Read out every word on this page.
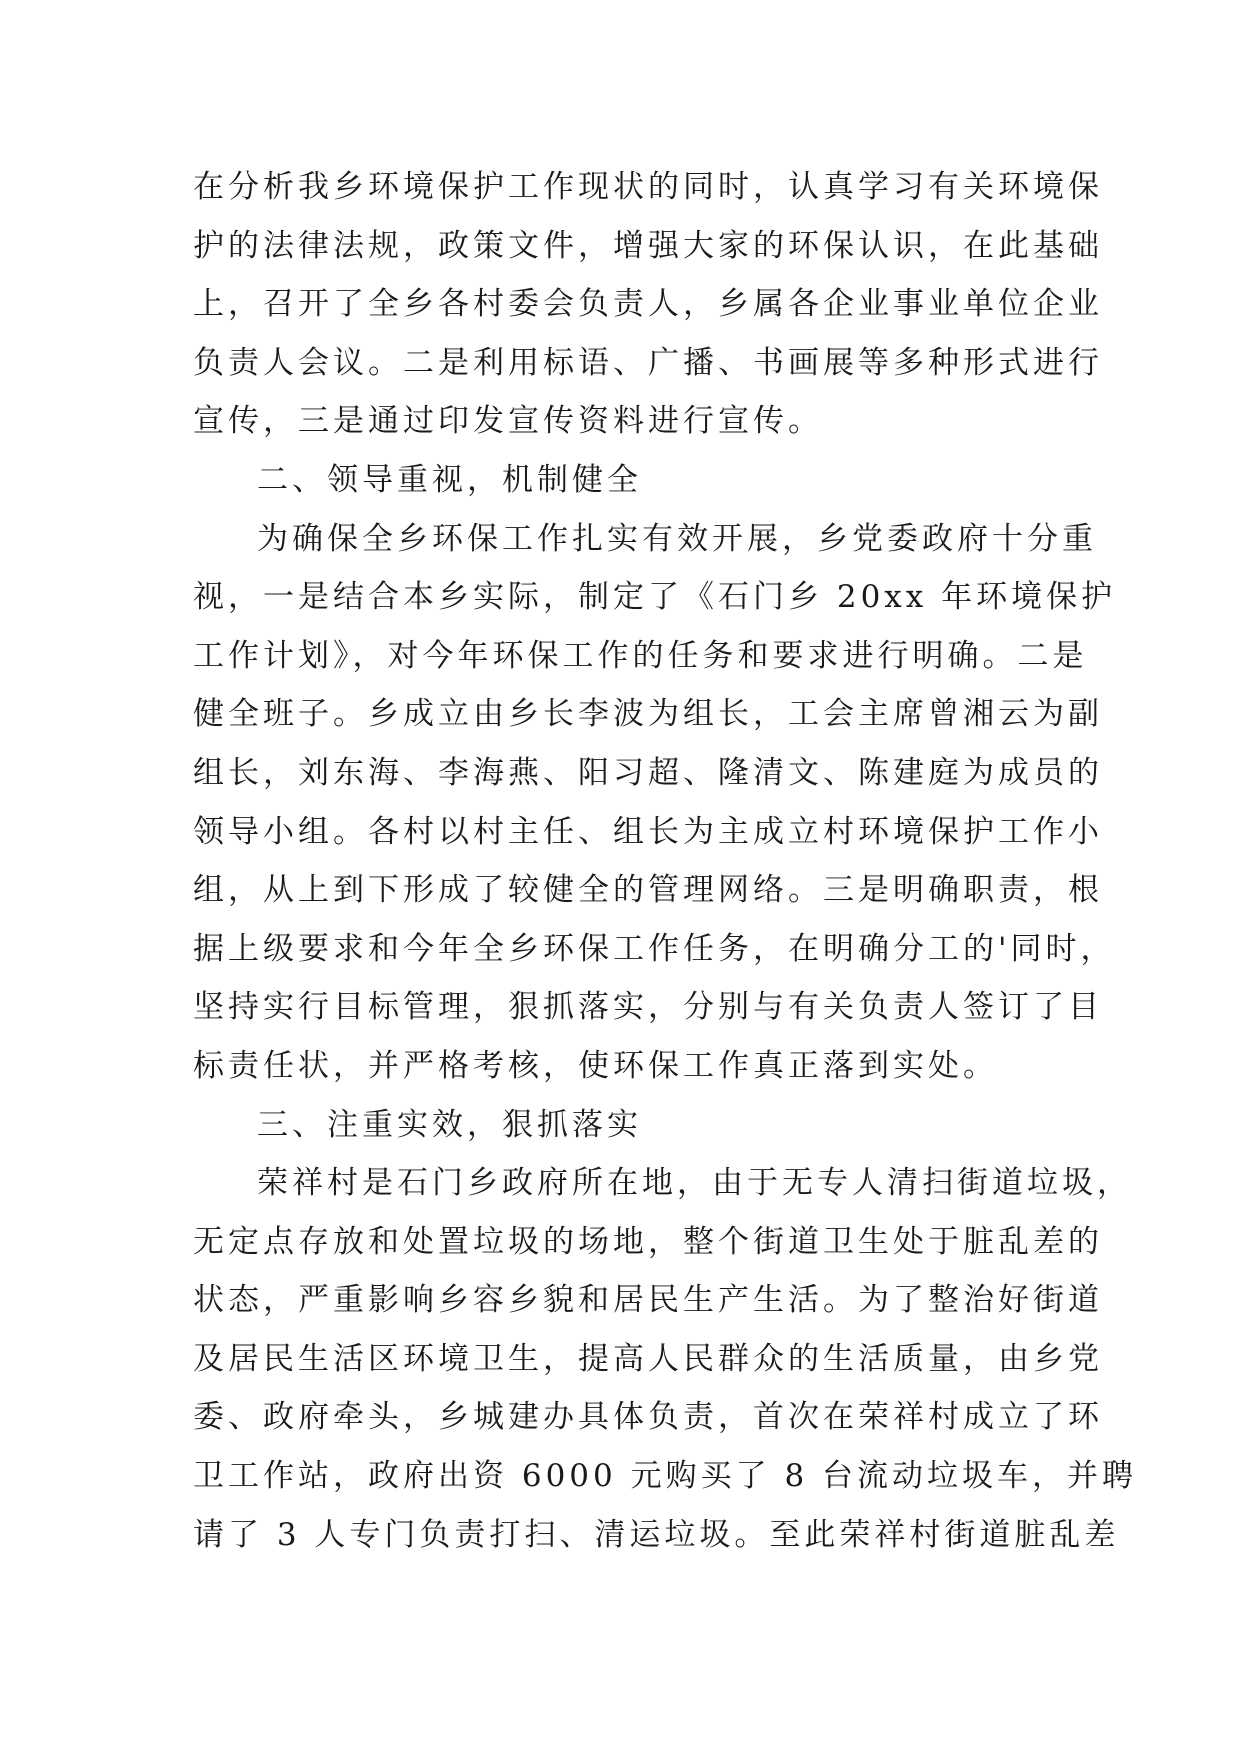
在分析我乡环境保护工作现状的同时，认真学习有关环境保
护的法律法规，政策文件，增强大家的环保认识，在此基础
上，召开了全乡各村委会负责人，乡属各企业事业单位企业
负责人会议。二是利用标语、广播、书画展等多种形式进行
宣传，三是通过印发宣传资料进行宣传。
二、领导重视，机制健全
为确保全乡环保工作扎实有效开展，乡党委政府十分重
视，一是结合本乡实际，制定了《石门乡 20xx 年环境保护
工作计划》，对今年环保工作的任务和要求进行明确。二是
健全班子。乡成立由乡长李波为组长，工会主席曾湘云为副
组长，刘东海、李海燕、阳习超、隆清文、陈建庭为成员的
领导小组。各村以村主任、组长为主成立村环境保护工作小
组，从上到下形成了较健全的管理网络。三是明确职责，根
据上级要求和今年全乡环保工作任务，在明确分工的'同时，
坚持实行目标管理，狠抓落实，分别与有关负责人签订了目
标责任状，并严格考核，使环保工作真正落到实处。
三、注重实效，狠抓落实
荣祥村是石门乡政府所在地，由于无专人清扫街道垃圾，
无定点存放和处置垃圾的场地，整个街道卫生处于脏乱差的
状态，严重影响乡容乡貌和居民生产生活。为了整治好街道
及居民生活区环境卫生，提高人民群众的生活质量，由乡党
委、政府牵头，乡城建办具体负责，首次在荣祥村成立了环
卫工作站，政府出资 6000 元购买了 8 台流动垃圾车，并聘
请了 3 人专门负责打扫、清运垃圾。至此荣祥村街道脏乱差
